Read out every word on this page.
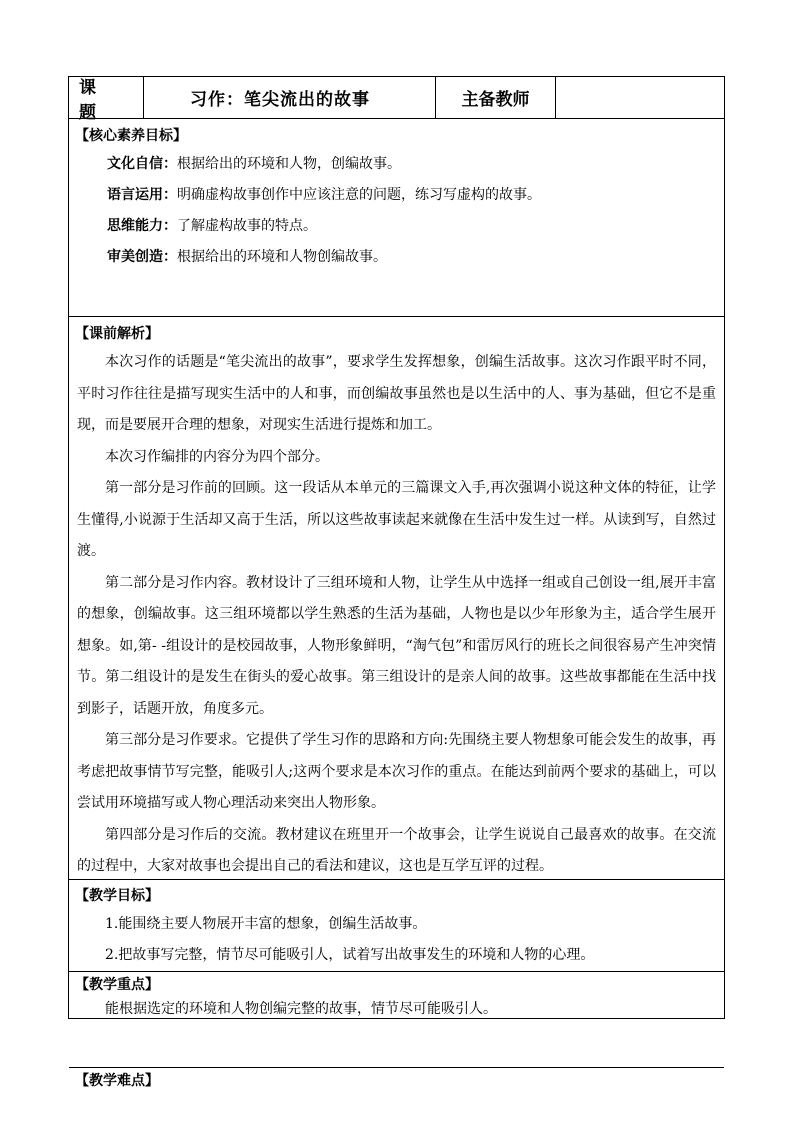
课 题
习作：笔尖流出的故事	主备教师
【核心素养目标】
文化自信：根据给出的环境和人物，创编故事。
语言运用：明确虚构故事创作中应该注意的问题，练习写虚构的故事。
思维能力：了解虚构故事的特点。
审美创造：根据给出的环境和人物创编故事。
【课前解析】

本次习作的话题是“笔尖流出的故事”，要求学生发挥想象，创编生活故事。这次习作跟平时不同，平时习作往往是描写现实生活中的人和事，而创编故事虽然也是以生活中的人、事为基础，但它不是重现，而是要展开合理的想象，对现实生活进行提炼和加工。

本次习作编排的内容分为四个部分。

第一部分是习作前的回顾。这一段话从本单元的三篇课文入手,再次强调小说这种文体的特征，让学生懂得,小说源于生活却又高于生活，所以这些故事读起来就像在生活中发生过一样。从读到写，自然过渡。

第二部分是习作内容。教材设计了三组环境和人物，让学生从中选择一组或自己创设一组,展开丰富的想象，创编故事。这三组环境都以学生熟悉的生活为基础，人物也是以少年形象为主，适合学生展开想象。如,第- -组设计的是校园故事，人物形象鲜明，“淘气包”和雷厉风行的班长之间很容易产生冲突情节。第二组设计的是发生在街头的爱心故事。第三组设计的是亲人间的故事。这些故事都能在生活中找到影子，话题开放，角度多元。

第三部分是习作要求。它提供了学生习作的思路和方向:先围绕主要人物想象可能会发生的故事，再考虑把故事情节写完整，能吸引人;这两个要求是本次习作的重点。在能达到前两个要求的基础上，可以尝试用环境描写或人物心理活动来突出人物形象。

第四部分是习作后的交流。教材建议在班里开一个故事会，让学生说说自己最喜欢的故事。在交流的过程中，大家对故事也会提出自己的看法和建议，这也是互学互评的过程。

【教学目标】
1.能围绕主要人物展开丰富的想象，创编生活故事。
2.把故事写完整，情节尽可能吸引人，试着写出故事发生的环境和人物的心理。
【教学重点】

能根据选定的环境和人物创编完整的故事，情节尽可能吸引人。

【教学难点】
